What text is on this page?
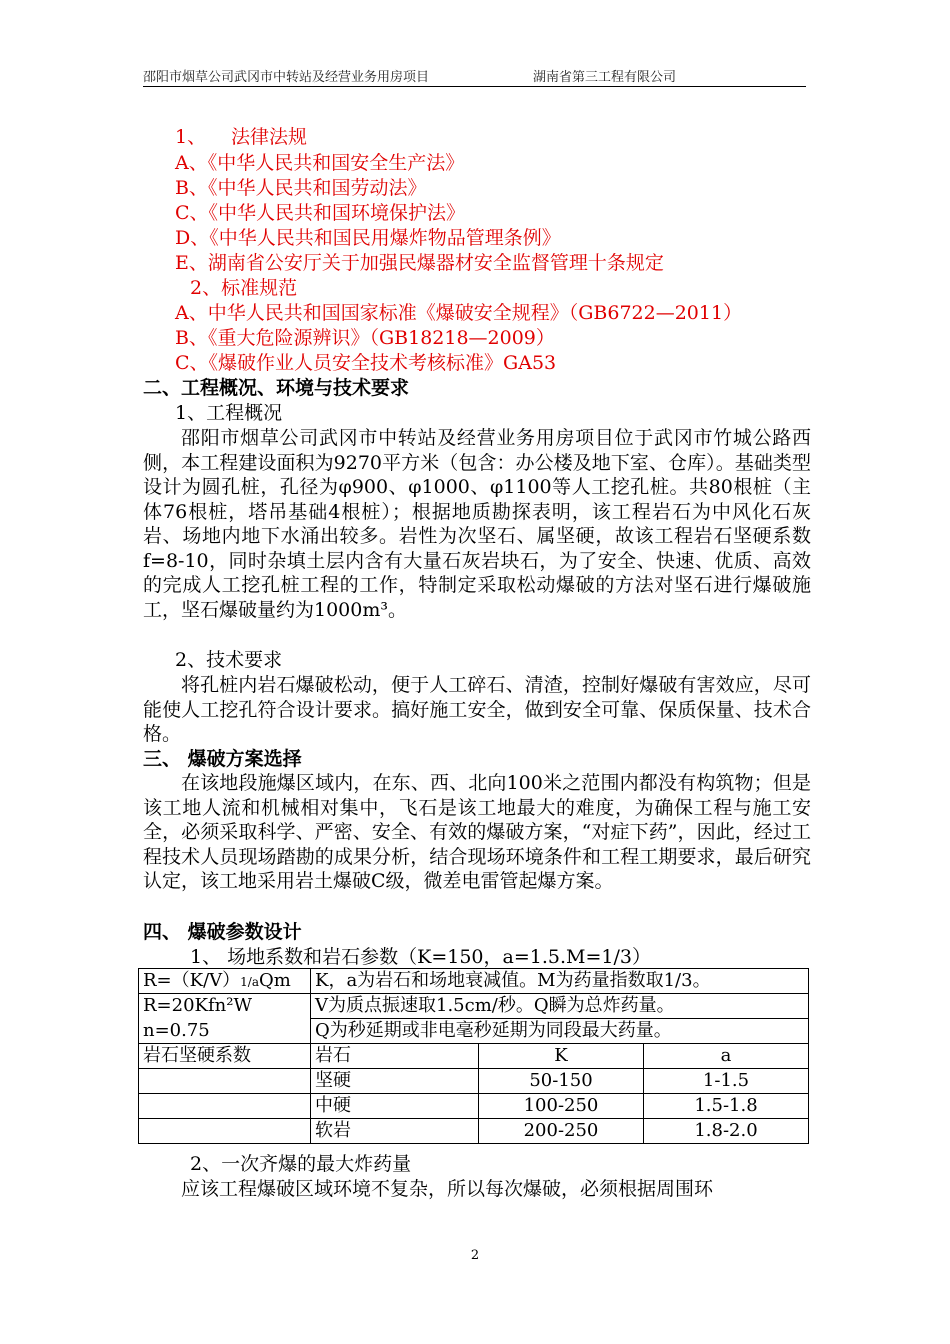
邵阳市烟草公司武冈市中转站及经营业务用房项目	湖南省第三工程有限公司
1、 法律法规
A、《中华人民共和国安全生产法》
B、《中华人民共和国劳动法》
C、《中华人民共和国环境保护法》
D、《中华人民共和国民用爆炸物品管理条例》
E、湖南省公安厅关于加强民爆器材安全监督管理十条规定
2、标准规范
A、中华人民共和国国家标准《爆破安全规程》（GB6722—2011）
B、《重大危险源辨识》（GB18218—2009）
C、《爆破作业人员安全技术考核标准》GA53
二、工程概况、环境与技术要求
1、工程概况
邵阳市烟草公司武冈市中转站及经营业务用房项目位于武冈市竹城公路西侧，本工程建设面积为9270平方米（包含：办公楼及地下室、仓库）。基础类型设计为圆孔桩，孔径为φ900、φ1000、φ1100等人工挖孔桩。共80根桩（主体76根桩，塔吊基础4根桩）；根据地质勘探表明，该工程岩石为中风化石灰岩、场地内地下水涌出较多。岩性为次坚石、属坚硬，故该工程岩石坚硬系数f=8-10，同时杂填土层内含有大量石灰岩块石，为了安全、快速、优质、高效的完成人工挖孔桩工程的工作，特制定采取松动爆破的方法对坚石进行爆破施工，坚石爆破量约为1000m³。
2、技术要求
将孔桩内岩石爆破松动，便于人工碎石、清渣，控制好爆破有害效应，尽可能使人工挖孔符合设计要求。搞好施工安全，做到安全可靠、保质保量、技术合格。
三、 爆破方案选择
在该地段施爆区域内，在东、西、北向100米之范围内都没有构筑物；但是该工地人流和机械相对集中，飞石是该工地最大的难度，为确保工程与施工安全，必须采取科学、严密、安全、有效的爆破方案，“对症下药”，因此，经过工程技术人员现场踏勘的成果分析，结合现场环境条件和工程工期要求，最后研究认定，该工地采用岩土爆破C级，微差电雷管起爆方案。
四、 爆破参数设计
1、 场地系数和岩石参数（K=150，a=1.5.M=1/3）
R=（K/V）1/aQm	K，a为岩石和场地衰减值。M为药量指数取1/3。		
R=20Kfn²W	V为质点振速取1.5cm/秒。Q瞬为总炸药量。		
n=0.75	Q为秒延期或非电毫秒延期为同段最大药量。		
岩石坚硬系数	岩石	K	a
	坚硬	50-150	1-1.5
	中硬	100-250	1.5-1.8
	软岩	200-250	1.8-2.0
2、一次齐爆的最大炸药量
应该工程爆破区域环境不复杂，所以每次爆破，必须根据周围环
2
